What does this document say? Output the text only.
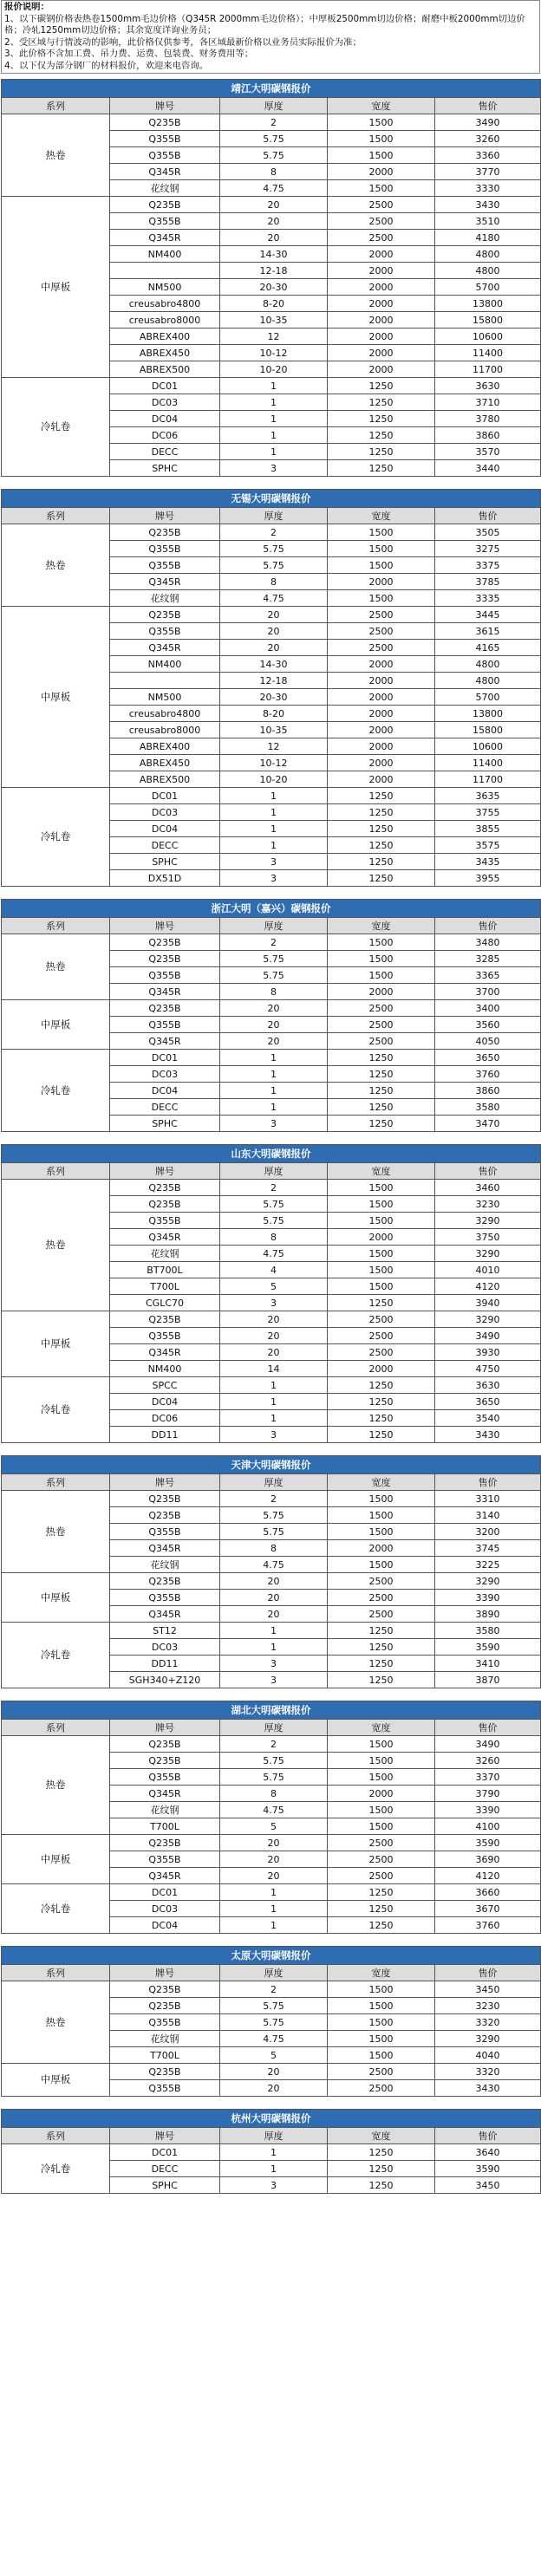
报价说明：
1、以下碳钢价格表热卷1500mm毛边价格（Q345R 2000mm毛边价格）；中厚板2500mm切边价格；耐磨中板2000mm切边价格；冷轧1250mm切边价格；其余宽度详询业务员；
2、受区域与行情波动的影响，此价格仅供参考，各区域最新价格以业务员实际报价为准；
3、此价格不含加工费、吊力费、运费、包装费、财务费用等；
4、以下仅为部分钢厂的材料报价，欢迎来电咨询。
靖江大明碳钢报价				
系列	牌号	厚度	宽度	售价
热卷	Q235B	2	1500	3490
	Q355B	5.75	1500	3260
	Q355B	5.75	1500	3360
	Q345R	8	2000	3770
	花纹钢	4.75	1500	3330
中厚板	Q235B	20	2500	3430
	Q355B	20	2500	3510
	Q345R	20	2500	4180
	NM400	14-30	2000	4800
		12-18	2000	4800
	NM500	20-30	2000	5700
	creusabro4800	8-20	2000	13800
	creusabro8000	10-35	2000	15800
	ABREX400	12	2000	10600
	ABREX450	10-12	2000	11400
	ABREX500	10-20	2000	11700
冷轧卷	DC01	1	1250	3630
	DC03	1	1250	3710
	DC04	1	1250	3780
	DC06	1	1250	3860
	DECC	1	1250	3570
	SPHC	3	1250	3440
无锡大明碳钢报价				
系列	牌号	厚度	宽度	售价
热卷	Q235B	2	1500	3505
	Q355B	5.75	1500	3275
	Q355B	5.75	1500	3375
	Q345R	8	2000	3785
	花纹钢	4.75	1500	3335
中厚板	Q235B	20	2500	3445
	Q355B	20	2500	3615
	Q345R	20	2500	4165
	NM400	14-30	2000	4800
		12-18	2000	4800
	NM500	20-30	2000	5700
	creusabro4800	8-20	2000	13800
	creusabro8000	10-35	2000	15800
	ABREX400	12	2000	10600
	ABREX450	10-12	2000	11400
	ABREX500	10-20	2000	11700
冷轧卷	DC01	1	1250	3635
	DC03	1	1250	3755
	DC04	1	1250	3855
	DECC	1	1250	3575
	SPHC	3	1250	3435
	DX51D	3	1250	3955
浙江大明（嘉兴）碳钢报价				
系列	牌号	厚度	宽度	售价
热卷	Q235B	2	1500	3480
	Q235B	5.75	1500	3285
	Q355B	5.75	1500	3365
	Q345R	8	2000	3700
中厚板	Q235B	20	2500	3400
	Q355B	20	2500	3560
	Q345R	20	2500	4050
冷轧卷	DC01	1	1250	3650
	DC03	1	1250	3760
	DC04	1	1250	3860
	DECC	1	1250	3580
	SPHC	3	1250	3470
山东大明碳钢报价				
系列	牌号	厚度	宽度	售价
热卷	Q235B	2	1500	3460
	Q235B	5.75	1500	3230
	Q355B	5.75	1500	3290
	Q345R	8	2000	3750
	花纹钢	4.75	1500	3290
	BT700L	4	1500	4010
	T700L	5	1500	4120
	CGLC70	3	1250	3940
中厚板	Q235B	20	2500	3290
	Q355B	20	2500	3490
	Q345R	20	2500	3930
	NM400	14	2000	4750
冷轧卷	SPCC	1	1250	3630
	DC04	1	1250	3650
	DC06	1	1250	3540
	DD11	3	1250	3430
天津大明碳钢报价				
系列	牌号	厚度	宽度	售价
热卷	Q235B	2	1500	3310
	Q235B	5.75	1500	3140
	Q355B	5.75	1500	3200
	Q345R	8	2000	3745
	花纹钢	4.75	1500	3225
中厚板	Q235B	20	2500	3290
	Q355B	20	2500	3390
	Q345R	20	2500	3890
冷轧卷	ST12	1	1250	3580
	DC03	1	1250	3590
	DD11	3	1250	3410
	SGH340+Z120	3	1250	3870
湖北大明碳钢报价				
系列	牌号	厚度	宽度	售价
热卷	Q235B	2	1500	3490
	Q235B	5.75	1500	3260
	Q355B	5.75	1500	3370
	Q345R	8	2000	3790
	花纹钢	4.75	1500	3390
	T700L	5	1500	4100
中厚板	Q235B	20	2500	3590
	Q355B	20	2500	3690
	Q345R	20	2500	4120
冷轧卷	DC01	1	1250	3660
	DC03	1	1250	3670
	DC04	1	1250	3760
太原大明碳钢报价				
系列	牌号	厚度	宽度	售价
热卷	Q235B	2	1500	3450
	Q235B	5.75	1500	3230
	Q355B	5.75	1500	3320
	花纹钢	4.75	1500	3290
	T700L	5	1500	4040
中厚板	Q235B	20	2500	3320
	Q355B	20	2500	3430
杭州大明碳钢报价				
系列	牌号	厚度	宽度	售价
冷轧卷	DC01	1	1250	3640
	DECC	1	1250	3590
	SPHC	3	1250	3450
